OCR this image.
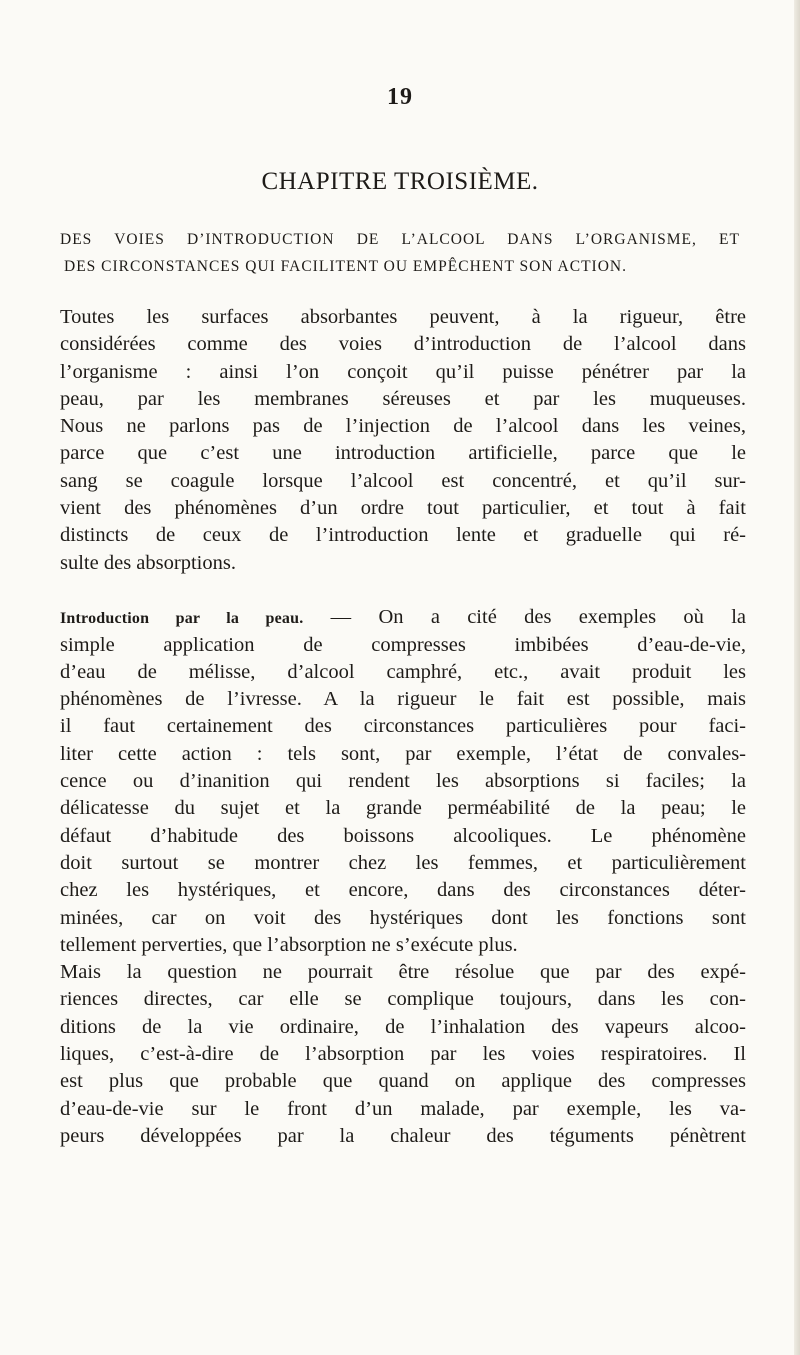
19
CHAPITRE TROISIÈME.
DES VOIES D’INTRODUCTION DE L’ALCOOL DANS L’ORGANISME, ET
DES CIRCONSTANCES QUI FACILITENT OU EMPÊCHENT SON ACTION.
Toutes les surfaces absorbantes peuvent, à la rigueur, être
considérées comme des voies d’introduction de l’alcool dans
l’organisme : ainsi l’on conçoit qu’il puisse pénétrer par la
peau, par les membranes séreuses et par les muqueuses.
Nous ne parlons pas de l’injection de l’alcool dans les veines,
parce que c’est une introduction artificielle, parce que le
sang se coagule lorsque l’alcool est concentré, et qu’il sur-
vient des phénomènes d’un ordre tout particulier, et tout à fait
distincts de ceux de l’introduction lente et graduelle qui ré-
sulte des absorptions.
Introduction par la peau. — On a cité des exemples où la
simple application de compresses imbibées d’eau-de-vie,
d’eau de mélisse, d’alcool camphré, etc., avait produit les
phénomènes de l’ivresse. A la rigueur le fait est possible, mais
il faut certainement des circonstances particulières pour faci-
liter cette action : tels sont, par exemple, l’état de convales-
cence ou d’inanition qui rendent les absorptions si faciles; la
délicatesse du sujet et la grande perméabilité de la peau; le
défaut d’habitude des boissons alcooliques. Le phénomène
doit surtout se montrer chez les femmes, et particulièrement
chez les hystériques, et encore, dans des circonstances déter-
minées, car on voit des hystériques dont les fonctions sont
tellement perverties, que l’absorption ne s’exécute plus.
Mais la question ne pourrait être résolue que par des expé-
riences directes, car elle se complique toujours, dans les con-
ditions de la vie ordinaire, de l’inhalation des vapeurs alcoo-
liques, c’est-à-dire de l’absorption par les voies respiratoires. Il
est plus que probable que quand on applique des compresses
d’eau-de-vie sur le front d’un malade, par exemple, les va-
peurs développées par la chaleur des téguments pénètrent
